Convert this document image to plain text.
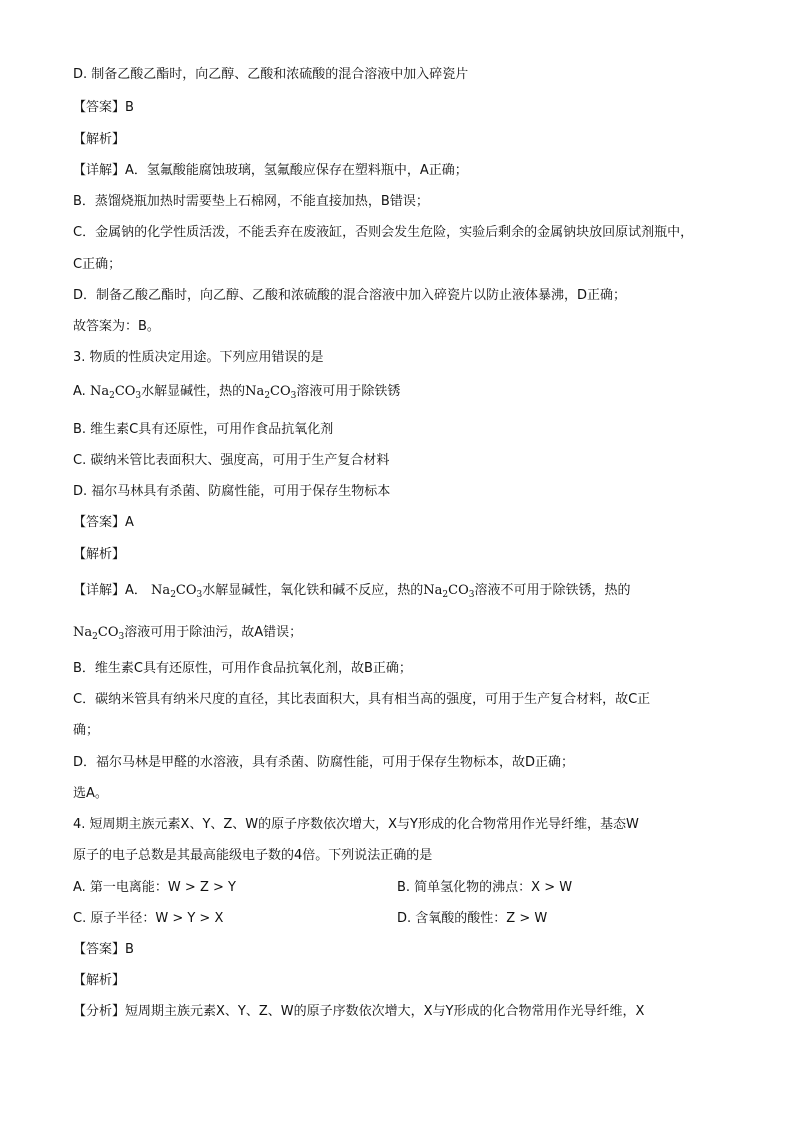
D. 制备乙酸乙酯时，向乙醇、乙酸和浓硫酸的混合溶液中加入碎瓷片
【答案】B
【解析】
【详解】A．氢氟酸能腐蚀玻璃，氢氟酸应保存在塑料瓶中，A正确；
B．蒸馏烧瓶加热时需要垫上石棉网，不能直接加热，B错误；
C．金属钠的化学性质活泼，不能丢弃在废液缸，否则会发生危险，实验后剩余的金属钠块放回原试剂瓶中，
C正确；
D．制备乙酸乙酯时，向乙醇、乙酸和浓硫酸的混合溶液中加入碎瓷片以防止液体暴沸，D正确；
故答案为：B。
3. 物质的性质决定用途。下列应用错误的是
A. $Na_2CO_3$水解显碱性，热的$Na_2CO_3$溶液可用于除铁锈
B. 维生素C具有还原性，可用作食品抗氧化剂
C. 碳纳米管比表面积大、强度高，可用于生产复合材料
D. 福尔马林具有杀菌、防腐性能，可用于保存生物标本
【答案】A
【解析】
【详解】A． $Na_2CO_3$水解显碱性，氧化铁和碱不反应，热的$Na_2CO_3$溶液不可用于除铁锈，热的
$Na_2CO_3$溶液可用于除油污，故A错误；
B．维生素C具有还原性，可用作食品抗氧化剂，故B正确；
C．碳纳米管具有纳米尺度的直径，其比表面积大，具有相当高的强度，可用于生产复合材料，故C正
确；
D．福尔马林是甲醛的水溶液，具有杀菌、防腐性能，可用于保存生物标本，故D正确；
选A。
4. 短周期主族元素X、Y、Z、W的原子序数依次增大，X与Y形成的化合物常用作光导纤维，基态W
原子的电子总数是其最高能级电子数的4倍。下列说法正确的是
A. 第一电离能：W > Z > Y	B. 简单氢化物的沸点：X > W
C. 原子半径：W > Y > X	D. 含氧酸的酸性：Z > W
【答案】B
【解析】
【分析】短周期主族元素X、Y、Z、W的原子序数依次增大，X与Y形成的化合物常用作光导纤维，X
